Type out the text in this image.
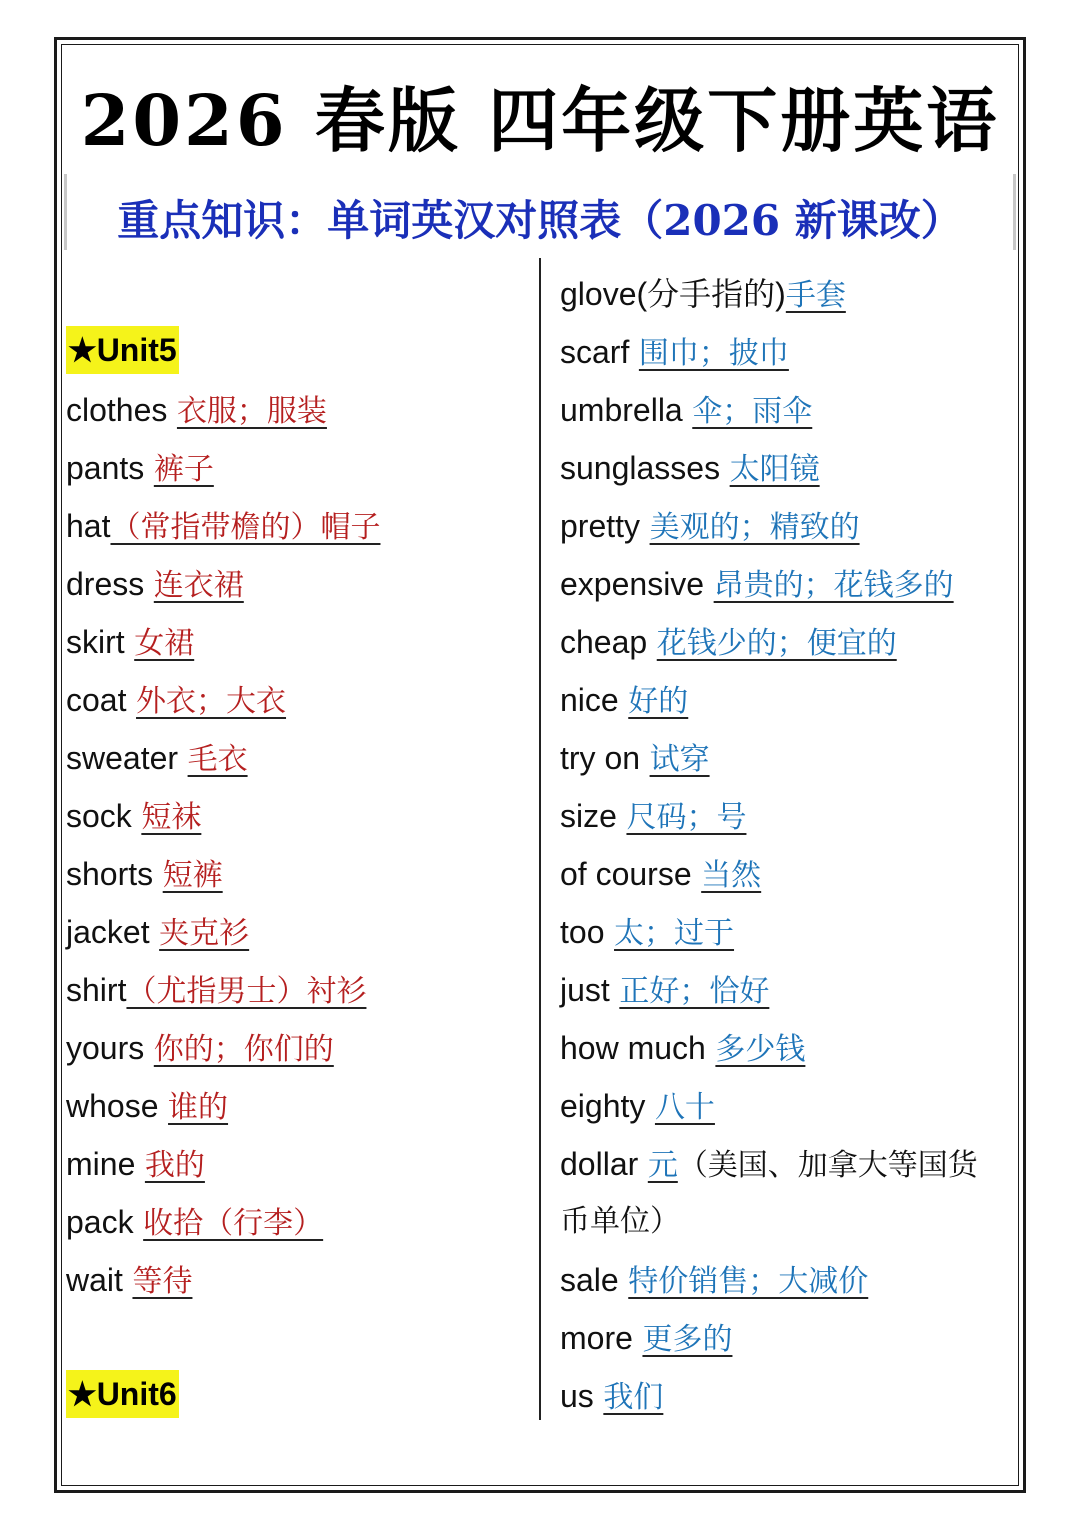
2026 春版 四年级下册英语
重点知识：单词英汉对照表（2026 新课改）
★Unit5
clothes 衣服；服装
pants 裤子
hat（常指带檐的）帽子
dress 连衣裙
skirt 女裙
coat 外衣；大衣
sweater 毛衣
sock 短袜
shorts 短裤
jacket 夹克衫
shirt（尤指男士）衬衫
yours 你的；你们的
whose 谁的
mine 我的
pack 收拾（行李）
wait 等待
★Unit6
glove(分手指的)手套
scarf 围巾；披巾
umbrella 伞；雨伞
sunglasses 太阳镜
pretty 美观的；精致的
expensive 昂贵的；花钱多的
cheap 花钱少的；便宜的
nice 好的
try on 试穿
size 尺码；号
of course 当然
too 太；过于
just 正好；恰好
how much 多少钱
eighty 八十
dollar 元（美国、加拿大等国货
币单位）
sale 特价销售；大减价
more 更多的
us 我们
